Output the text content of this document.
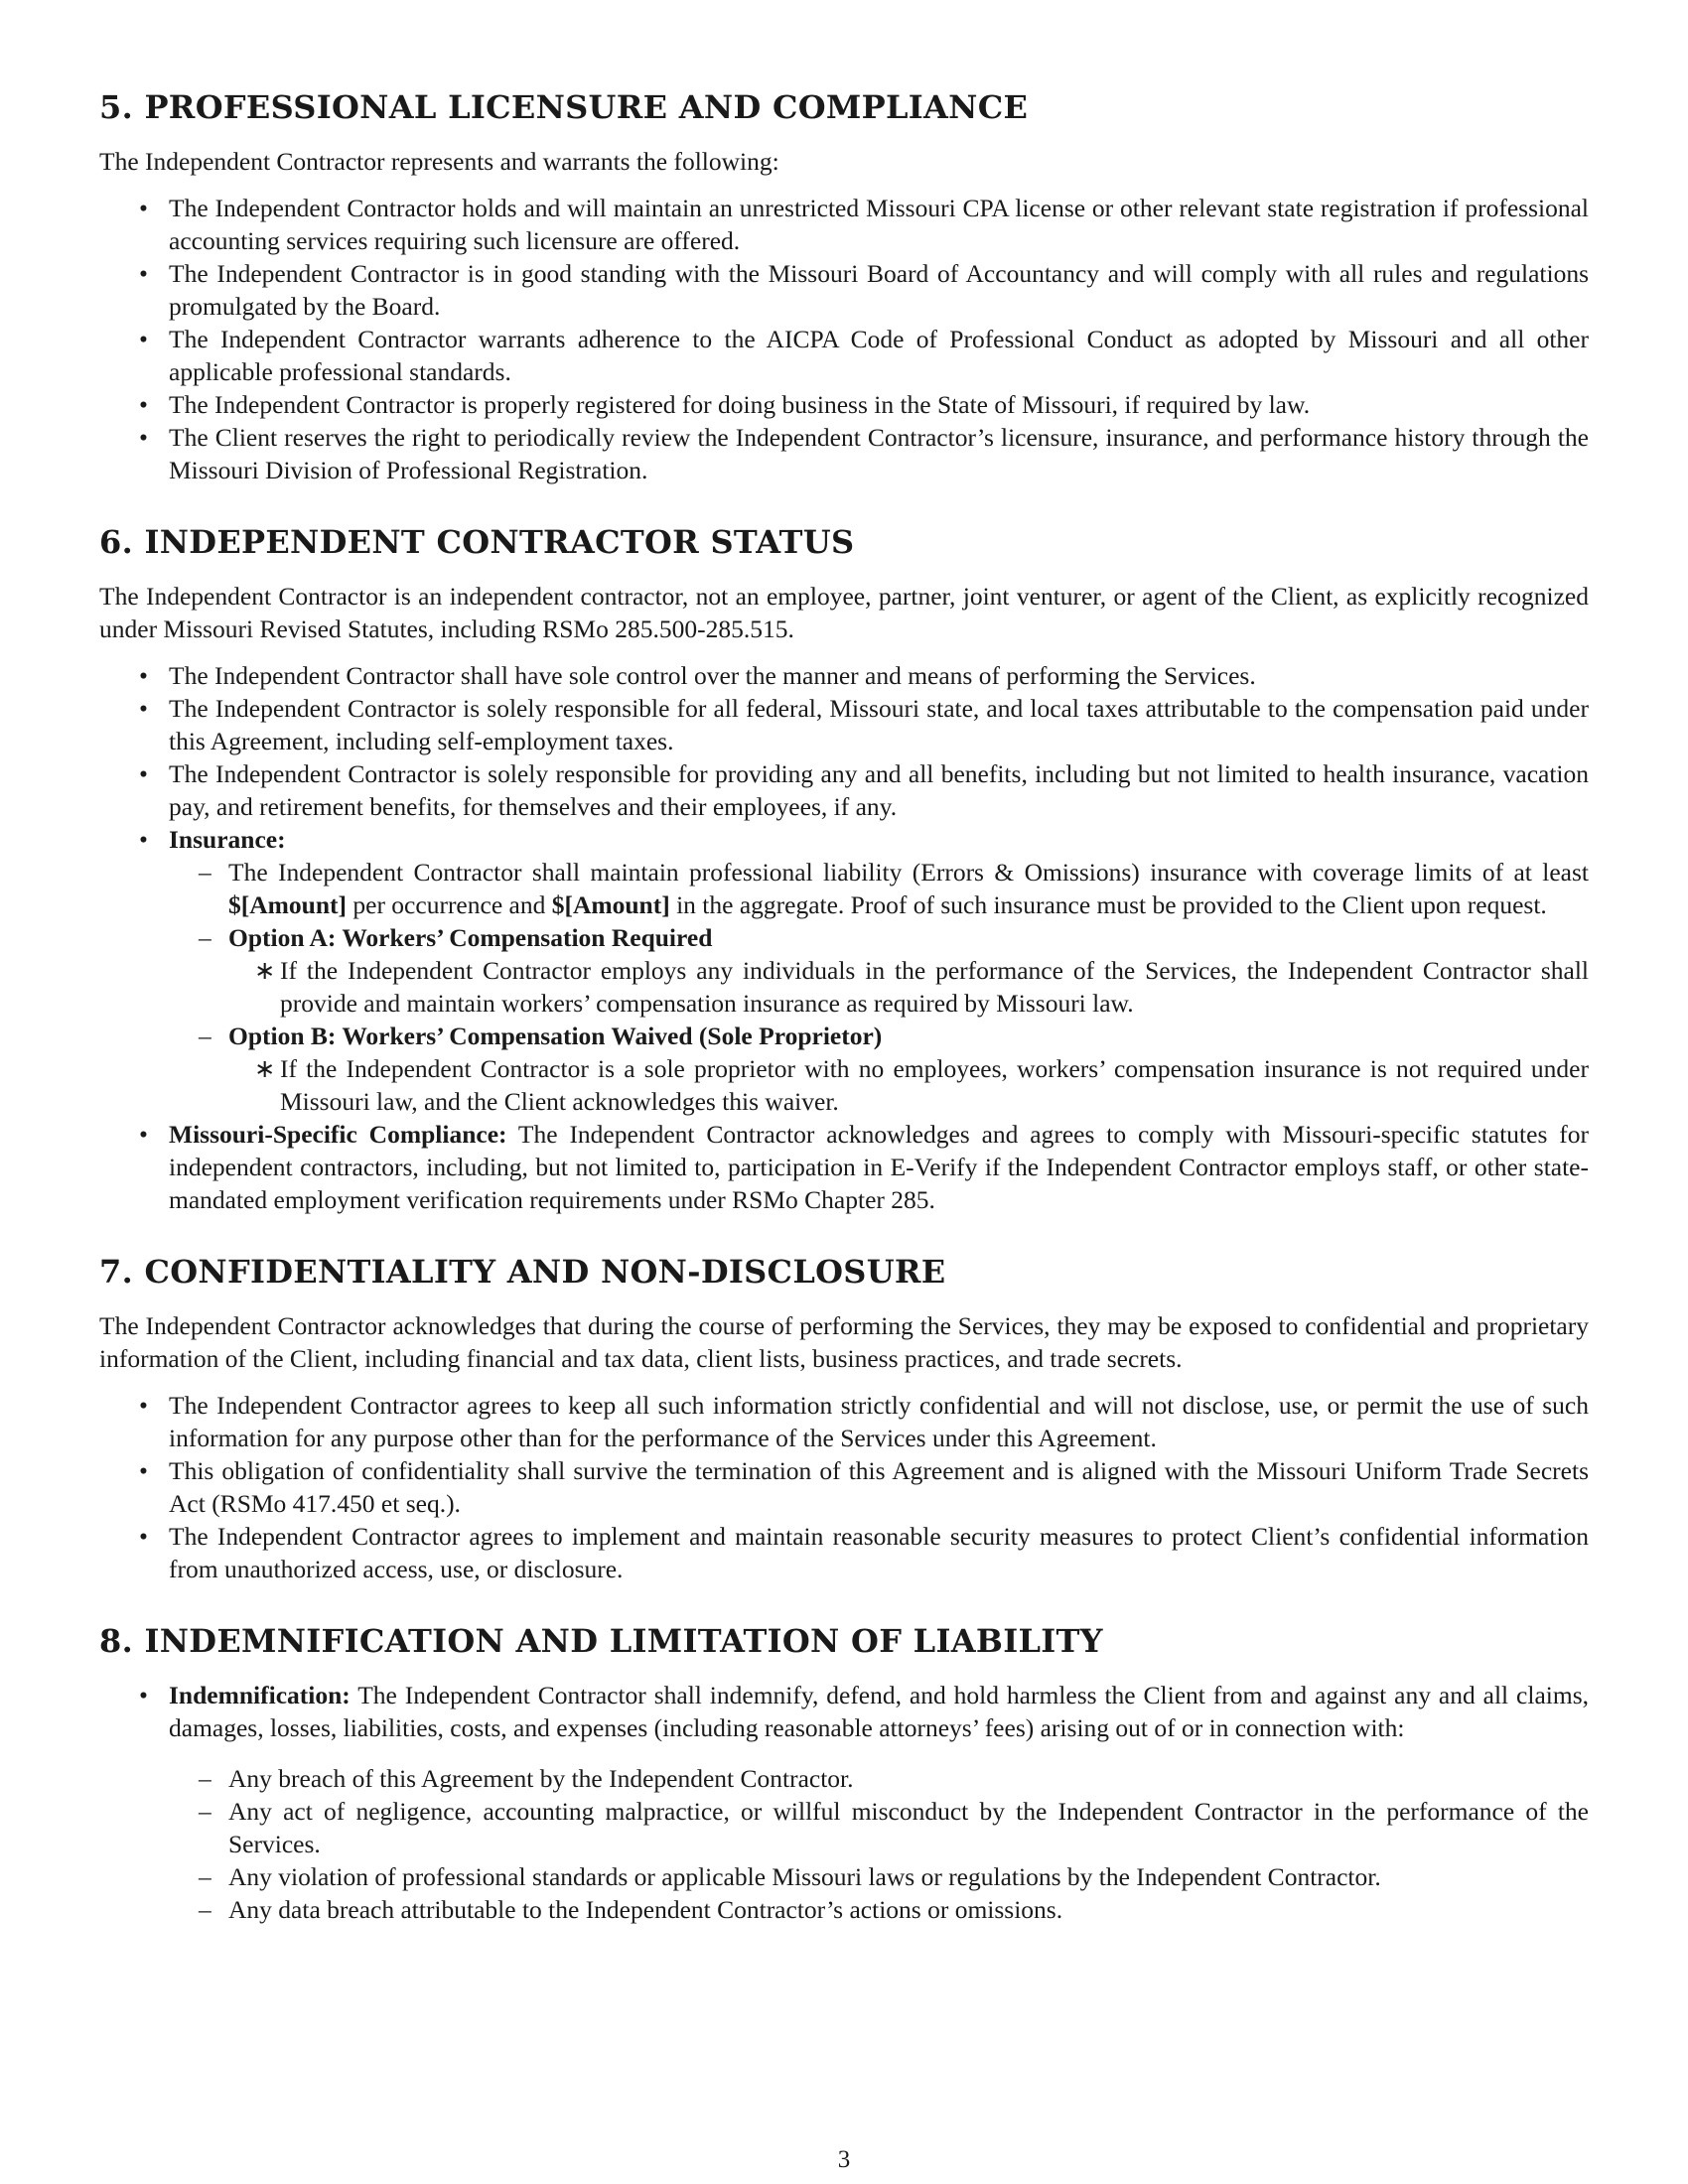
5. PROFESSIONAL LICENSURE AND COMPLIANCE

The Independent Contractor represents and warrants the following:

• The Independent Contractor holds and will maintain an unrestricted Missouri CPA license or other relevant state registration if professional accounting services requiring such licensure are offered.
• The Independent Contractor is in good standing with the Missouri Board of Accountancy and will comply with all rules and regulations promulgated by the Board.
• The Independent Contractor warrants adherence to the AICPA Code of Professional Conduct as adopted by Missouri and all other applicable professional standards.
• The Independent Contractor is properly registered for doing business in the State of Missouri, if required by law.
• The Client reserves the right to periodically review the Independent Contractor’s licensure, insurance, and performance history through the Missouri Division of Professional Registration.
6. INDEPENDENT CONTRACTOR STATUS

The Independent Contractor is an independent contractor, not an employee, partner, joint venturer, or agent of the Client, as explicitly recognized under Missouri Revised Statutes, including RSMo 285.500-285.515.

• The Independent Contractor shall have sole control over the manner and means of performing the Services.
• The Independent Contractor is solely responsible for all federal, Missouri state, and local taxes attributable to the compensation paid under this Agreement, including self-employment taxes.
• The Independent Contractor is solely responsible for providing any and all benefits, including but not limited to health insurance, vacation pay, and retirement benefits, for themselves and their employees, if any.
• Insurance:
– The Independent Contractor shall maintain professional liability (Errors & Omissions) insurance with coverage limits of at least $[Amount] per occurrence and $[Amount] in the aggregate. Proof of such insurance must be provided to the Client upon request.
– Option A: Workers’ Compensation Required
∗ If the Independent Contractor employs any individuals in the performance of the Services, the Independent Contractor shall provide and maintain workers’ compensation insurance as required by Missouri law.
– Option B: Workers’ Compensation Waived (Sole Proprietor)
∗ If the Independent Contractor is a sole proprietor with no employees, workers’ compensation insurance is not required under Missouri law, and the Client acknowledges this waiver.
• Missouri-Specific Compliance: The Independent Contractor acknowledges and agrees to comply with Missouri-specific statutes for independent contractors, including, but not limited to, participation in E-Verify if the Independent Contractor employs staff, or other state-mandated employment verification requirements under RSMo Chapter 285.
7. CONFIDENTIALITY AND NON-DISCLOSURE

The Independent Contractor acknowledges that during the course of performing the Services, they may be exposed to confidential and proprietary information of the Client, including financial and tax data, client lists, business practices, and trade secrets.

• The Independent Contractor agrees to keep all such information strictly confidential and will not disclose, use, or permit the use of such information for any purpose other than for the performance of the Services under this Agreement.
• This obligation of confidentiality shall survive the termination of this Agreement and is aligned with the Missouri Uniform Trade Secrets Act (RSMo 417.450 et seq.).
• The Independent Contractor agrees to implement and maintain reasonable security measures to protect Client’s confidential information from unauthorized access, use, or disclosure.
8. INDEMNIFICATION AND LIMITATION OF LIABILITY
• Indemnification: The Independent Contractor shall indemnify, defend, and hold harmless the Client from and against any and all claims, damages, losses, liabilities, costs, and expenses (including reasonable attorneys’ fees) arising out of or in connection with:
– Any breach of this Agreement by the Independent Contractor.
– Any act of negligence, accounting malpractice, or willful misconduct by the Independent Contractor in the performance of the Services.
– Any violation of professional standards or applicable Missouri laws or regulations by the Independent Contractor.
– Any data breach attributable to the Independent Contractor’s actions or omissions.
3
